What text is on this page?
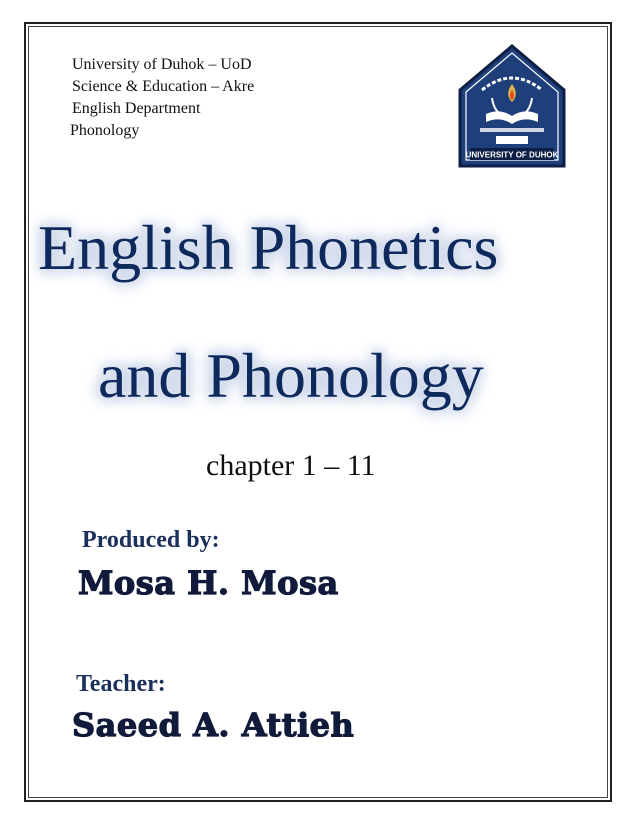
University of Duhok – UoD
Science & Education – Akre
English Department
Phonology
UNIVERSITY OF DUHOK
English Phonetics
and Phonology
chapter 1 – 11
Produced by:
Mosa H. Mosa
Teacher:
Saeed A. Attieh
